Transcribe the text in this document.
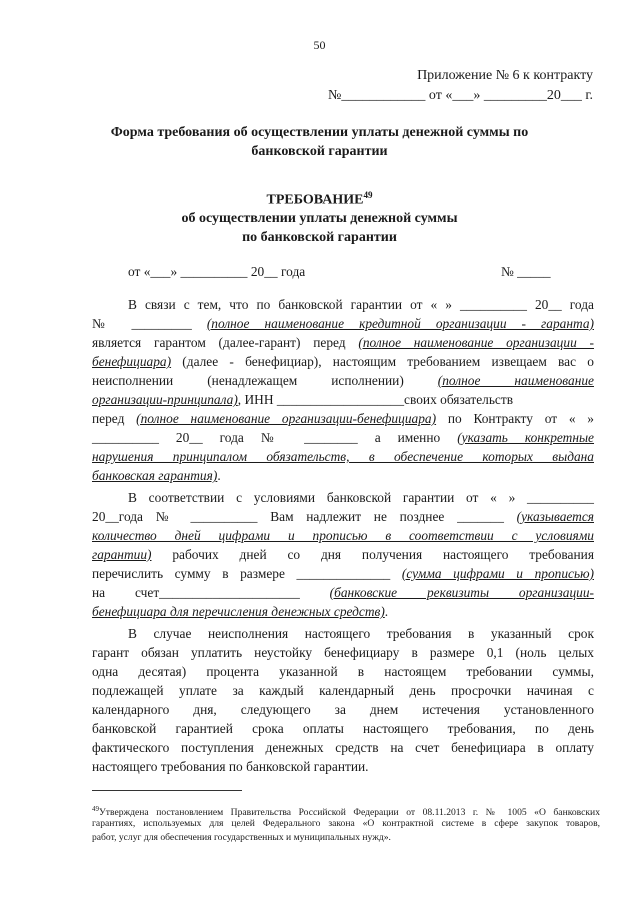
50
Приложение № 6 к контракту
№____________ от «___» _________20___ г.
Форма требования об осуществлении уплаты денежной суммы по
банковской гарантии
ТРЕБОВАНИЕ$^{49}$
об осуществлении уплаты денежной суммы
по банковской гарантии
от «___» __________ 20__ года	№ _____
В связи с тем, что по банковской гарантии от « » __________ 20__ года
№ _________ (полное наименование кредитной организации - гаранта)
является гарантом (далее-гарант) перед (полное наименование организации -
бенефициара) (далее - бенефициар), настоящим требованием извещаем вас о
неисполнении (ненадлежащем исполнении)	(полное наименование
организации-принципала), ИНН ___________________своих обязательств
перед (полное наименование организации-бенефициара) по Контракту от « »
__________ 20__ года № ________ а именно (указать конкретные
нарушения принципалом обязательств, в обеспечение которых выдана
банковская гарантия).
В соответствии с условиями банковской гарантии от « » __________
20__года № __________ Вам надлежит не позднее _______ (указывается
количество дней цифрами и прописью в соответствии с условиями
гарантии) рабочих дней со дня получения настоящего требования
перечислить сумму в размере ______________ (сумма цифрами и прописью)
на счет_____________________ (банковские реквизиты организации-
бенефициара для перечисления денежных средств).
В случае неисполнения настоящего требования в указанный срок
гарант обязан уплатить неустойку бенефициару в размере 0,1 (ноль целых
одна десятая) процента указанной в настоящем требовании суммы,
подлежащей уплате за каждый календарный день просрочки начиная с
календарного дня, следующего за днем истечения установленного
банковской гарантией срока оплаты настоящего требования, по день
фактического поступления денежных средств на счет бенефициара в оплату
настоящего требования по банковской гарантии.
$^{49}$Утверждена постановлением Правительства Российской Федерации от 08.11.2013 г. № 1005 «О банковских
гарантиях, используемых для целей Федерального закона «О контрактной системе в сфере закупок товаров,
работ, услуг для обеспечения государственных и муниципальных нужд».
